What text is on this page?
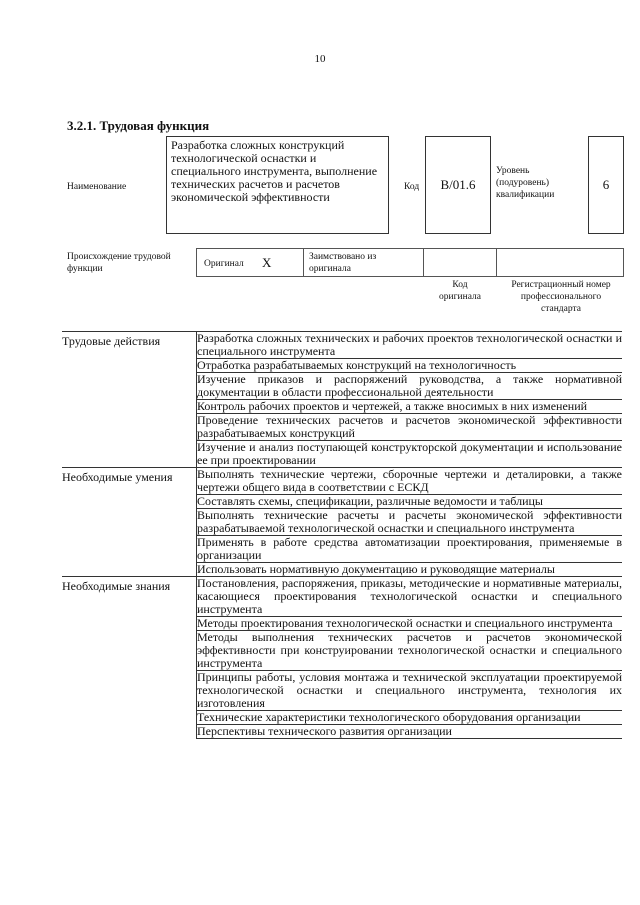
10
3.2.1. Трудовая функция
Наименование
Разработка сложных конструкций технологической оснастки и специального инструмента, выполнение технических расчетов и расчетов экономической эффективности
Код	B/01.6
Уровень (подуровень) квалификации
6
Происхождение трудовой функции	Оригинал X	Заимствовано из оригинала
Код оригинала
Регистрационный номер профессионального стандарта
Трудовые действия	Разработка сложных технических и рабочих проектов технологической оснастки и специального инструмента
	Отработка разрабатываемых конструкций на технологичность
	Изучение приказов и распоряжений руководства, а также нормативной документации в области профессиональной деятельности
	Контроль рабочих проектов и чертежей, а также вносимых в них изменений
	Проведение технических расчетов и расчетов экономической эффективности разрабатываемых конструкций
	Изучение и анализ поступающей конструкторской документации и использование ее при проектировании
Необходимые умения	Выполнять технические чертежи, сборочные чертежи и деталировки, а также чертежи общего вида в соответствии с ЕСКД
	Составлять схемы, спецификации, различные ведомости и таблицы
	Выполнять технические расчеты и расчеты экономической эффективности разрабатываемой технологической оснастки и специального инструмента
	Применять в работе средства автоматизации проектирования, применяемые в организации
	Использовать нормативную документацию и руководящие материалы
Необходимые знания	Постановления, распоряжения, приказы, методические и нормативные материалы, касающиеся проектирования технологической оснастки и специального инструмента
	Методы проектирования технологической оснастки и специального инструмента
	Методы выполнения технических расчетов и расчетов экономической эффективности при конструировании технологической оснастки и специального инструмента
	Принципы работы, условия монтажа и технической эксплуатации проектируемой технологической оснастки и специального инструмента, технология их изготовления
	Технические характеристики технологического оборудования организации
	Перспективы технического развития организации
